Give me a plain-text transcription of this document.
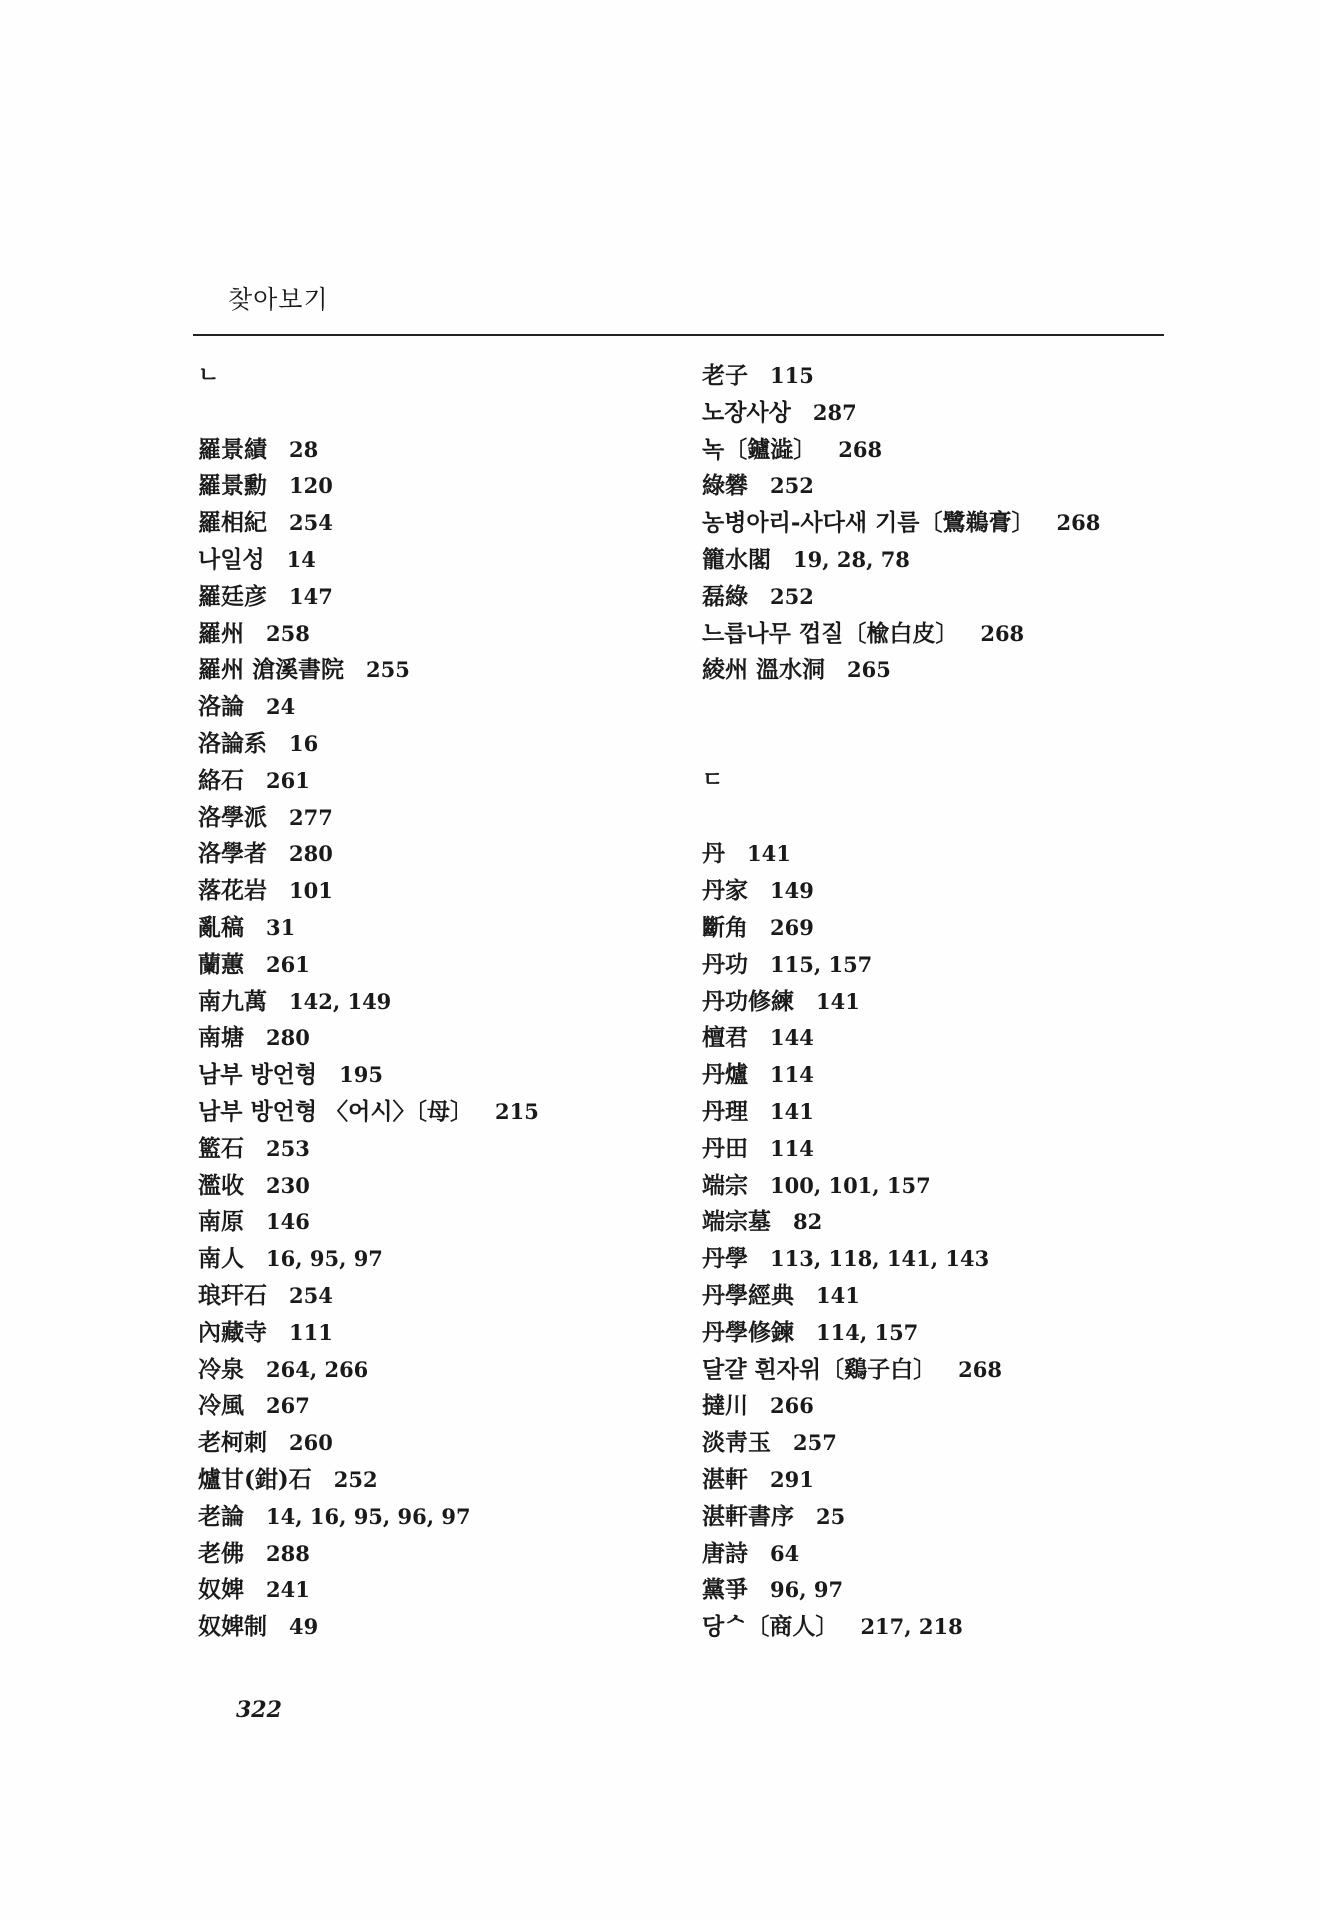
찾아보기
ㄴ
羅景績 28
羅景勳 120
羅相紀 254
나일성 14
羅廷彦 147
羅州 258
羅州 滄溪書院 255
洛論 24
洛論系 16
絡石 261
洛學派 277
洛學者 280
落花岩 101
亂稿 31
蘭蕙 261
南九萬 142, 149
南塘 280
남부 방언형 195
남부 방언형 〈어시〉〔母〕 215
籃石 253
濫收 230
南原 146
南人 16, 95, 97
琅玕石 254
內藏寺 111
冷泉 264, 266
冷風 267
老柯刺 260
爐甘(鉗)石 252
老論 14, 16, 95, 96, 97
老佛 288
奴婢 241
奴婢制 49
老子 115
노장사상 287
녹〔鑪澁〕 268
綠礬 252
농병아리-사다새 기름〔鷺鵜膏〕 268
籠水閣 19, 28, 78
磊綠 252
느릅나무 껍질〔楡白皮〕 268
綾州 溫水洞 265
ㄷ
丹 141
丹家 149
斷角 269
丹功 115, 157
丹功修練 141
檀君 144
丹爐 114
丹理 141
丹田 114
端宗 100, 101, 157
端宗墓 82
丹學 113, 118, 141, 143
丹學經典 141
丹學修鍊 114, 157
달걀 흰자위〔鷄子白〕 268
撻川 266
淡靑玉 257
湛軒 291
湛軒書序 25
唐詩 64
黨爭 96, 97
당ᄉ〔商人〕 217, 218
322
